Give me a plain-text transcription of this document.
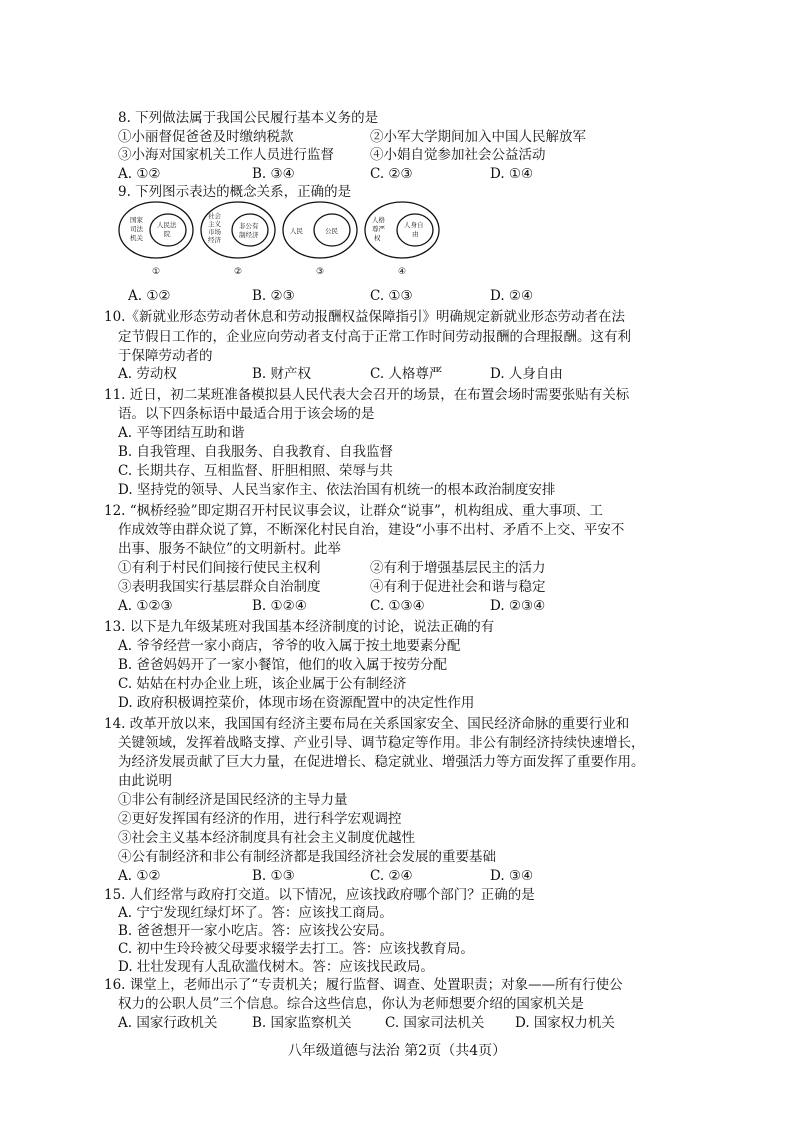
8. 下列做法属于我国公民履行基本义务的是
①小丽督促爸爸及时缴纳税款	②小军大学期间加入中国人民解放军
③小海对国家机关工作人员进行监督	④小娟自觉参加社会公益活动
A. ①②	B. ③④	C. ②③	D. ①④
9. 下列图示表达的概念关系，正确的是
国家
司法
机关
人民法
院
①
社会
主义
市场
经济
非公有
制经济
②
人民	公民
③
人格
尊严
权
人身自
由
④
A. ①②	B. ②③	C. ①③	D. ②④
10.《新就业形态劳动者休息和劳动报酬权益保障指引》明确规定新就业形态劳动者在法
定节假日工作的，企业应向劳动者支付高于正常工作时间劳动报酬的合理报酬。这有利
于保障劳动者的
A. 劳动权	B. 财产权	C. 人格尊严	D. 人身自由
11. 近日，初二某班准备模拟县人民代表大会召开的场景，在布置会场时需要张贴有关标
语。以下四条标语中最适合用于该会场的是
A. 平等团结互助和谐
B. 自我管理、自我服务、自我教育、自我监督
C. 长期共存、互相监督、肝胆相照、荣辱与共
D. 坚持党的领导、人民当家作主、依法治国有机统一的根本政治制度安排
12. “枫桥经验”即定期召开村民议事会议，让群众“说事”，机构组成、重大事项、工
作成效等由群众说了算，不断深化村民自治，建设“小事不出村、矛盾不上交、平安不
出事、服务不缺位”的文明新村。此举
①有利于村民们间接行使民主权利	②有利于增强基层民主的活力
③表明我国实行基层群众自治制度	④有利于促进社会和谐与稳定
A. ①②③	B. ①②④	C. ①③④	D. ②③④
13. 以下是九年级某班对我国基本经济制度的讨论，说法正确的有
A. 爷爷经营一家小商店，爷爷的收入属于按土地要素分配
B. 爸爸妈妈开了一家小餐馆，他们的收入属于按劳分配
C. 姑姑在村办企业上班，该企业属于公有制经济
D. 政府积极调控菜价，体现市场在资源配置中的决定性作用
14. 改革开放以来，我国国有经济主要布局在关系国家安全、国民经济命脉的重要行业和
关键领域，发挥着战略支撑、产业引导、调节稳定等作用。非公有制经济持续快速增长，
为经济发展贡献了巨大力量，在促进增长、稳定就业、增强活力等方面发挥了重要作用。
由此说明
①非公有制经济是国民经济的主导力量
②更好发挥国有经济的作用，进行科学宏观调控
③社会主义基本经济制度具有社会主义制度优越性
④公有制经济和非公有制经济都是我国经济社会发展的重要基础
A. ①②	B. ①③	C. ②④	D. ③④
15. 人们经常与政府打交道。以下情况，应该找政府哪个部门？正确的是
A. 宁宁发现红绿灯坏了。答：应该找工商局。
B. 爸爸想开一家小吃店。答：应该找公安局。
C. 初中生玲玲被父母要求辍学去打工。答：应该找教育局。
D. 壮壮发现有人乱砍滥伐树木。答：应该找民政局。
16. 课堂上，老师出示了“专责机关；履行监督、调查、处置职责；对象——所有行使公
权力的公职人员”三个信息。综合这些信息，你认为老师想要介绍的国家机关是
A. 国家行政机关	B. 国家监察机关 C. 国家司法机关 D. 国家权力机关
八年级道德与法治 第2页（共4页）
